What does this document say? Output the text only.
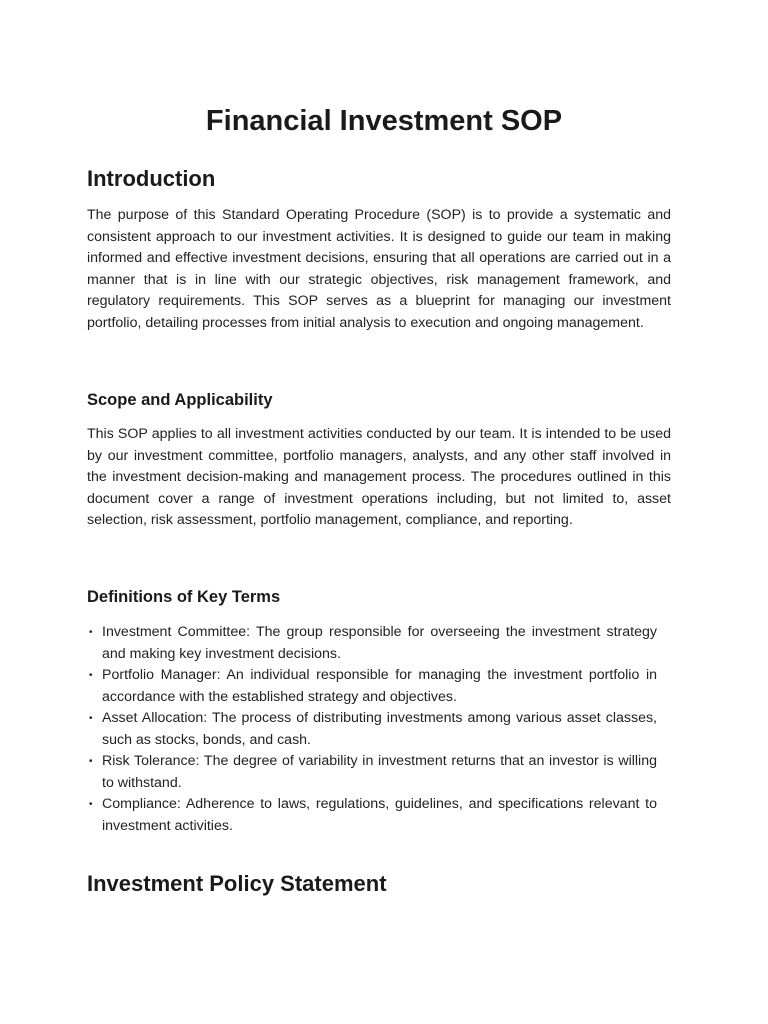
Financial Investment SOP
Introduction

The purpose of this Standard Operating Procedure (SOP) is to provide a systematic and consistent approach to our investment activities. It is designed to guide our team in making informed and effective investment decisions, ensuring that all operations are carried out in a manner that is in line with our strategic objectives, risk management framework, and regulatory requirements. This SOP serves as a blueprint for managing our investment portfolio, detailing processes from initial analysis to execution and ongoing management.

Scope and Applicability

This SOP applies to all investment activities conducted by our team. It is intended to be used by our investment committee, portfolio managers, analysts, and any other staff involved in the investment decision-making and management process. The procedures outlined in this document cover a range of investment operations including, but not limited to, asset selection, risk assessment, portfolio management, compliance, and reporting.

Definitions of Key Terms
• Investment Committee: The group responsible for overseeing the investment strategy and making key investment decisions.
• Portfolio Manager: An individual responsible for managing the investment portfolio in accordance with the established strategy and objectives.
• Asset Allocation: The process of distributing investments among various asset classes, such as stocks, bonds, and cash.
• Risk Tolerance: The degree of variability in investment returns that an investor is willing to withstand.
• Compliance: Adherence to laws, regulations, guidelines, and specifications relevant to investment activities.
Investment Policy Statement
